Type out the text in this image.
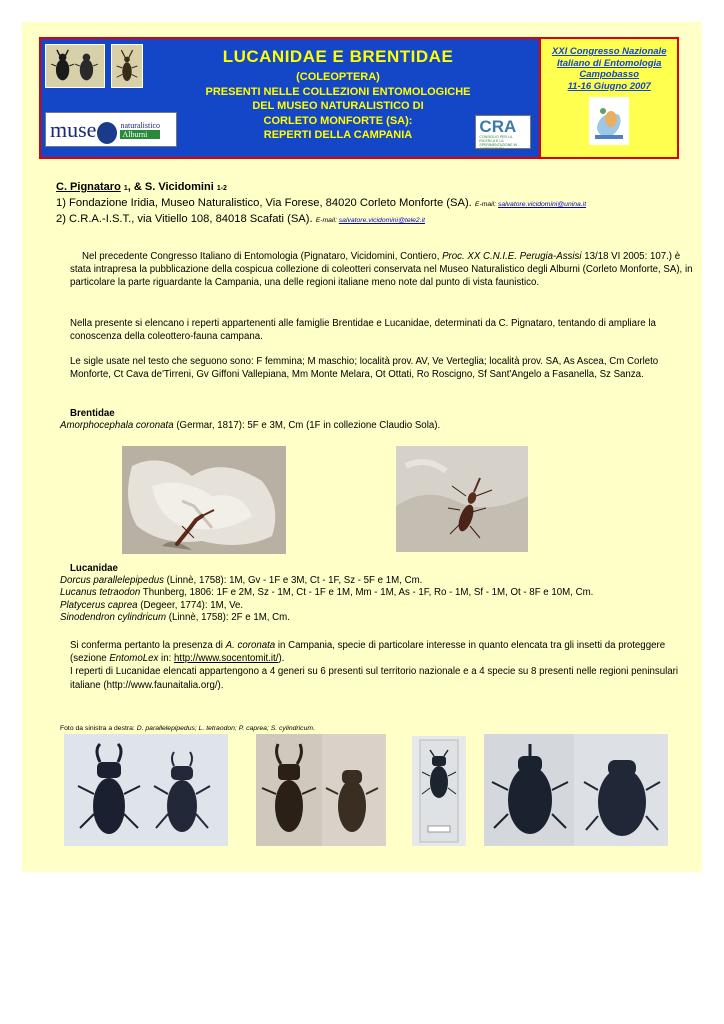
LUCANIDAE E BRENTIDAE
(COLEOPTERA)
PRESENTI NELLE COLLEZIONI ENTOMOLOGICHE
DEL MUSEO NATURALISTICO DI
CORLETO MONFORTE (SA):
REPERTI DELLA CAMPANIA
muse	naturalistico
Alburni	CRA
CONSIGLIO PER LA RICERCA E LA SPERIMENTAZIONE IN AGRICOLTURA
XXI Congresso Nazionale
Italiano di Entomologia
Campobasso
11-16 Giugno 2007
C. Pignataro 1, & S. Vicidomini 1-2
1) Fondazione Iridia, Museo Naturalistico, Via Forese, 84020 Corleto Monforte (SA). E-mail: salvatore.vicidomini@unina.it
2) C.R.A.-I.S.T., via Vitiello 108, 84018 Scafati (SA). E-mail: salvatore.vicidomini@tele2.it
Nel precedente Congresso Italiano di Entomologia (Pignataro, Vicidomini, Contiero, Proc. XX C.N.I.E. Perugia-Assisi 13/18 VI 2005: 107.) è stata intrapresa la pubblicazione della cospicua collezione di coleotteri conservata nel Museo Naturalistico degli Alburni (Corleto Monforte, SA), in particolare la parte riguardante la Campania, una delle regioni italiane meno note dal punto di vista faunistico.
Nella presente si elencano i reperti appartenenti alle famiglie Brentidae e Lucanidae, determinati da C. Pignataro, tentando di ampliare la conoscenza della coleottero-fauna campana.
Le sigle usate nel testo che seguono sono: F femmina; M maschio; località prov. AV, Ve Verteglia; località prov. SA, As Ascea, Cm Corleto Monforte, Ct Cava de'Tirreni, Gv Giffoni Vallepiana, Mm Monte Melara, Ot Ottati, Ro Roscigno, Sf Sant'Angelo a Fasanella, Sz Sanza.
Brentidae
Amorphocephala coronata (Germar, 1817): 5F e 3M, Cm (1F in collezione Claudio Sola).
Lucanidae
Dorcus parallelepipedus (Linnè, 1758): 1M, Gv - 1F e 3M, Ct - 1F, Sz - 5F e 1M, Cm.
Lucanus tetraodon Thunberg, 1806: 1F e 2M, Sz - 1M, Ct - 1F e 1M, Mm - 1M, As - 1F, Ro - 1M, Sf - 1M, Ot - 8F e 10M, Cm.
Platycerus caprea (Degeer, 1774): 1M, Ve.
Sinodendron cylindricum (Linnè, 1758): 2F e 1M, Cm.
Si conferma pertanto la presenza di A. coronata in Campania, specie di particolare interesse in quanto elencata tra gli insetti da proteggere (sezione EntomoLex in: http://www.socentomit.it/).
I reperti di Lucanidae elencati appartengono a 4 generi su 6 presenti sul territorio nazionale e a 4 specie su 8 presenti nelle regioni peninsulari italiane (http://www.faunaitalia.org/).
Foto da sinistra a destra: D. parallelepipedus; L. tetraodon; P. caprea; S. cylindricum.
